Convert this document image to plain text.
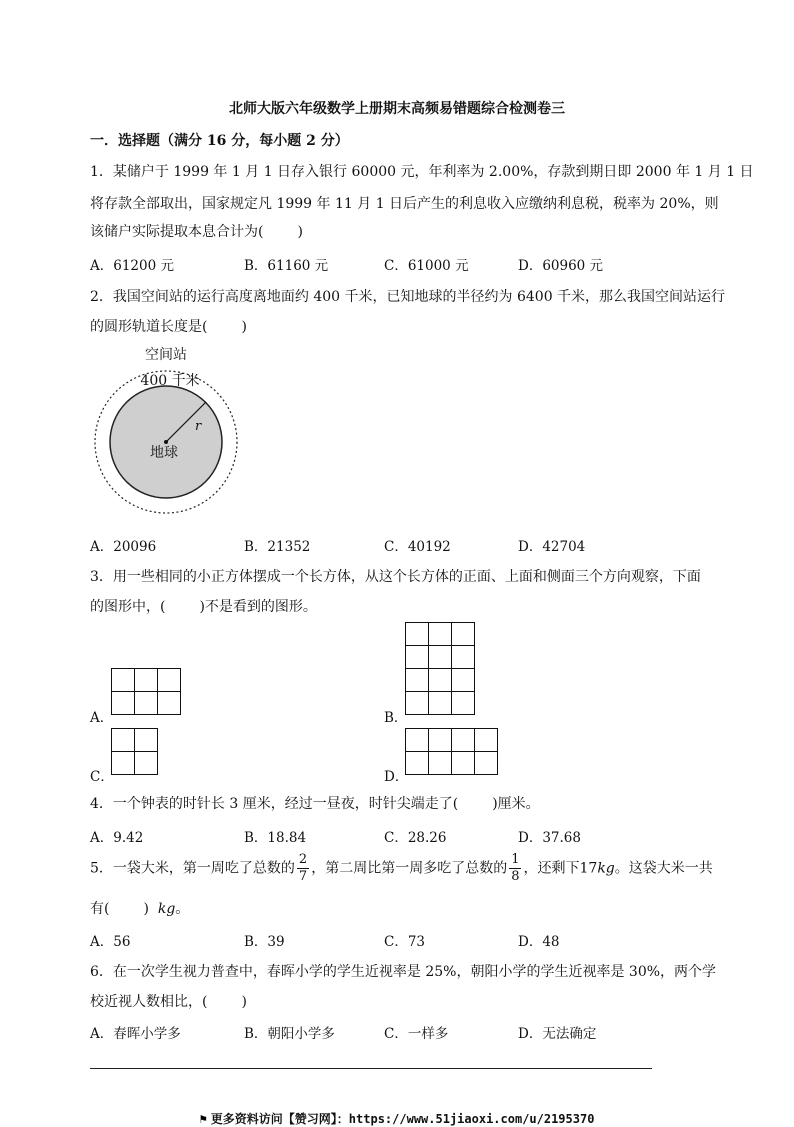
北师大版六年级数学上册期末高频易错题综合检测卷三
一．选择题（满分 16 分，每小题 2 分）
1．某储户于 1999 年 1 月 1 日存入银行 60000 元，年利率为 2.00%，存款到期日即 2000 年 1 月 1 日
将存款全部取出，国家规定凡 1999 年 11 月 1 日后产生的利息收入应缴纳利息税，税率为 20%，则
该储户实际提取本息合计为( )
A．61200 元	B．61160 元	C．61000 元	D．60960 元
2．我国空间站的运行高度离地面约 400 千米，已知地球的半径约为 6400 千米，那么我国空间站运行
的圆形轨道长度是( )
空间站
400 千米
r
地球
A．20096	B．21352	C．40192	D．42704
3．用一些相同的小正方体摆成一个长方体，从这个长方体的正面、上面和侧面三个方向观察，下面
的图形中，( )不是看到的图形。
A．	B．
C．	D．
4．一个钟表的时针长 3 厘米，经过一昼夜，时针尖端走了( )厘米。
A．9.42	B．18.84	C．28.26	D．37.68
5．一袋大米，第一周吃了总数的 $\frac{2}{7}$ ，第二周比第一周多吃了总数的 $\frac{1}{8}$ ，还剩下17kg。这袋大米一共
有( ) kg。
A．56	B．39	C．73	D．48
6．在一次学生视力普查中，春晖小学的学生近视率是 25%，朝阳小学的学生近视率是 30%，两个学
校近视人数相比，( )
A．春晖小学多	B．朝阳小学多	C．一样多	D．无法确定
⚑ 更多资料访问【赞习网】：https://www.51jiaoxi.com/u/2195370
